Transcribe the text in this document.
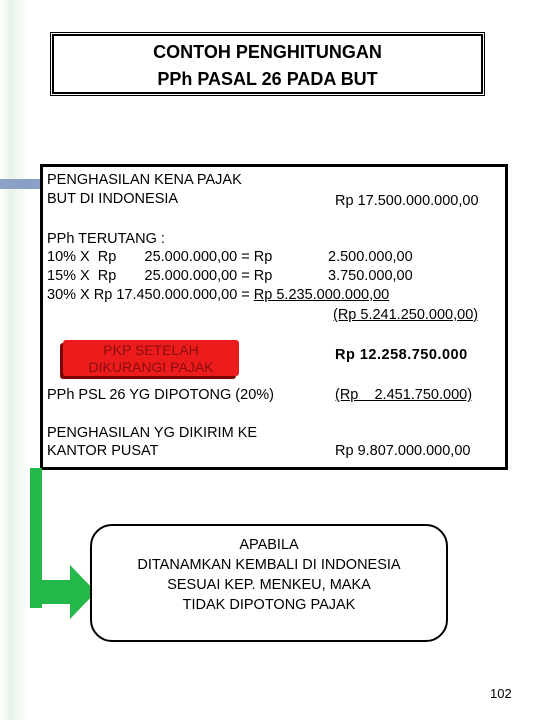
CONTOH PENGHITUNGAN
PPh PASAL 26 PADA BUT
PENGHASILAN KENA PAJAK
BUT DI INDONESIA	Rp 17.500.000.000,00
PPh TERUTANG :
10% X  Rp       25.000.000,00 = Rp	2.500.000,00
15% X  Rp       25.000.000,00 = Rp	3.750.000,00
30% X Rp 17.450.000.000,00 = Rp 5.235.000.000,00
(Rp 5.241.250.000,00)
PKP SETELAH DIKURANGI PAJAK
Rp 12.258.750.000
PPh PSL 26 YG DIPOTONG (20%)	(Rp    2.451.750.000)
PENGHASILAN YG DIKIRIM KE
KANTOR PUSAT	Rp 9.807.000.000,00
APABILA
DITANAMKAN KEMBALI DI INDONESIA
SESUAI KEP. MENKEU, MAKA
TIDAK DIPOTONG PAJAK
102
